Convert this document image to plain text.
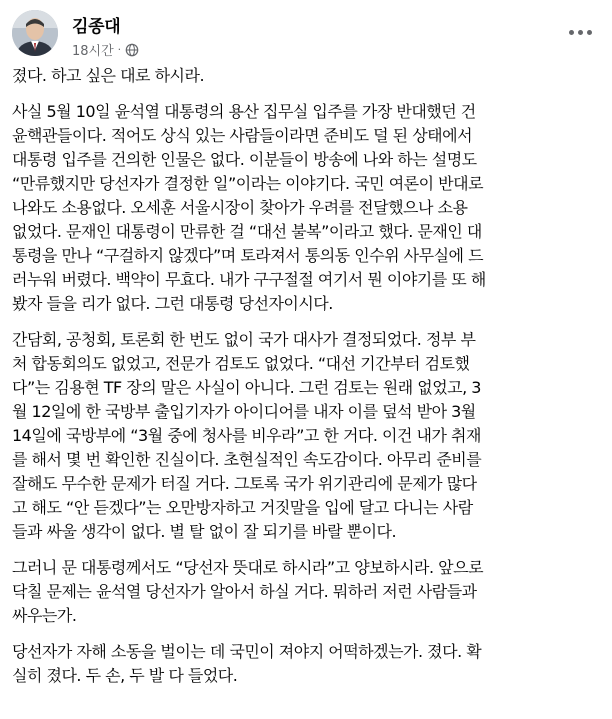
김종대
18시간 ·
졌다. 하고 싶은 대로 하시라.
사실 5월 10일 윤석열 대통령의 용산 집무실 입주를 가장 반대했던 건
윤핵관들이다. 적어도 상식 있는 사람들이라면 준비도 덜 된 상태에서
대통령 입주를 건의한 인물은 없다. 이분들이 방송에 나와 하는 설명도
“만류했지만 당선자가 결정한 일”이라는 이야기다. 국민 여론이 반대로
나와도 소용없다. 오세훈 서울시장이 찾아가 우려를 전달했으나 소용
없었다. 문재인 대통령이 만류한 걸 “대선 불복”이라고 했다. 문재인 대
통령을 만나 “구걸하지 않겠다”며 토라져서 통의동 인수위 사무실에 드
러누워 버렸다. 백약이 무효다. 내가 구구절절 여기서 뭔 이야기를 또 해
봤자 들을 리가 없다. 그런 대통령 당선자이시다.
간담회, 공청회, 토론회 한 번도 없이 국가 대사가 결정되었다. 정부 부
처 합동회의도 없었고, 전문가 검토도 없었다. “대선 기간부터 검토했
다”는 김용현 TF 장의 말은 사실이 아니다. 그런 검토는 원래 없었고, 3
월 12일에 한 국방부 출입기자가 아이디어를 내자 이를 덮석 받아 3월
14일에 국방부에 “3월 중에 청사를 비우라”고 한 거다. 이건 내가 취재
를 해서 몇 번 확인한 진실이다. 초현실적인 속도감이다. 아무리 준비를
잘해도 무수한 문제가 터질 거다. 그토록 국가 위기관리에 문제가 많다
고 해도 “안 듣겠다”는 오만방자하고 거짓말을 입에 달고 다니는 사람
들과 싸울 생각이 없다. 별 탈 없이 잘 되기를 바랄 뿐이다.
그러니 문 대통령께서도 “당선자 뜻대로 하시라”고 양보하시라. 앞으로
닥칠 문제는 윤석열 당선자가 알아서 하실 거다. 뭐하러 저런 사람들과
싸우는가.
당선자가 자해 소동을 벌이는 데 국민이 져야지 어떡하겠는가. 졌다. 확
실히 졌다. 두 손, 두 발 다 들었다.
